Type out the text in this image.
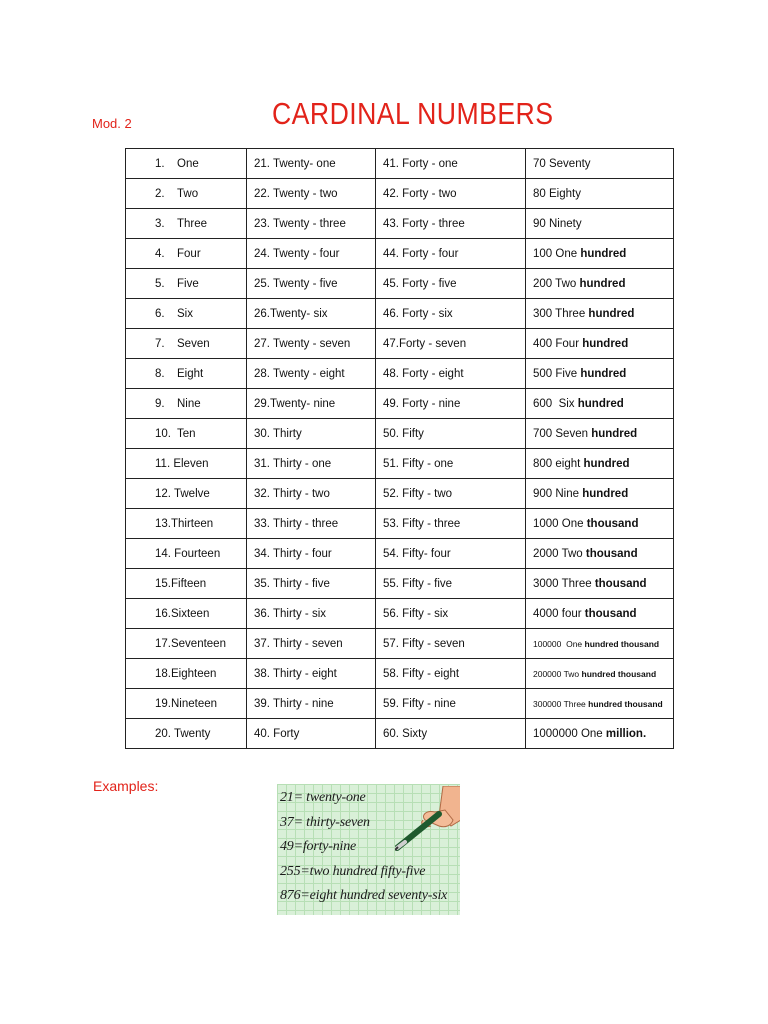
Mod. 2	CARDINAL NUMBERS
1. One	21. Twenty- one	41. Forty - one	70 Seventy
2. Two	22. Twenty - two	42. Forty - two	80 Eighty
3. Three	23. Twenty - three	43. Forty - three	90 Ninety
4. Four	24. Twenty - four	44. Forty - four	100 One hundred
5. Five	25. Twenty - five	45. Forty - five	200 Two hundred
6. Six	26.Twenty- six	46. Forty - six	300 Three hundred
7. Seven	27. Twenty - seven	47.Forty - seven	400 Four hundred
8. Eight	28. Twenty - eight	48. Forty - eight	500 Five hundred
9. Nine	29.Twenty- nine	49. Forty - nine	600  Six hundred
10. Ten	30. Thirty	50. Fifty	700 Seven hundred
11. Eleven	31. Thirty - one	51. Fifty - one	800 eight hundred
12. Twelve	32. Thirty - two	52. Fifty - two	900 Nine hundred
13.Thirteen	33. Thirty - three	53. Fifty - three	1000 One thousand
14. Fourteen	34. Thirty - four	54. Fifty- four	2000 Two thousand
15.Fifteen	35. Thirty - five	55. Fifty - five	3000 Three thousand
16.Sixteen	36. Thirty - six	56. Fifty - six	4000 four thousand
17.Seventeen	37. Thirty - seven	57. Fifty - seven	100000  One hundred thousand
18.Eighteen	38. Thirty - eight	58. Fifty - eight	200000 Two hundred thousand
19.Nineteen	39. Thirty - nine	59. Fifty - nine	300000 Three hundred thousand
20. Twenty	40. Forty	60. Sixty	1000000 One million.
Examples:
21= twenty-one
37= thirty-seven
49=forty-nine
255=two hundred fifty-five
876=eight hundred seventy-six
